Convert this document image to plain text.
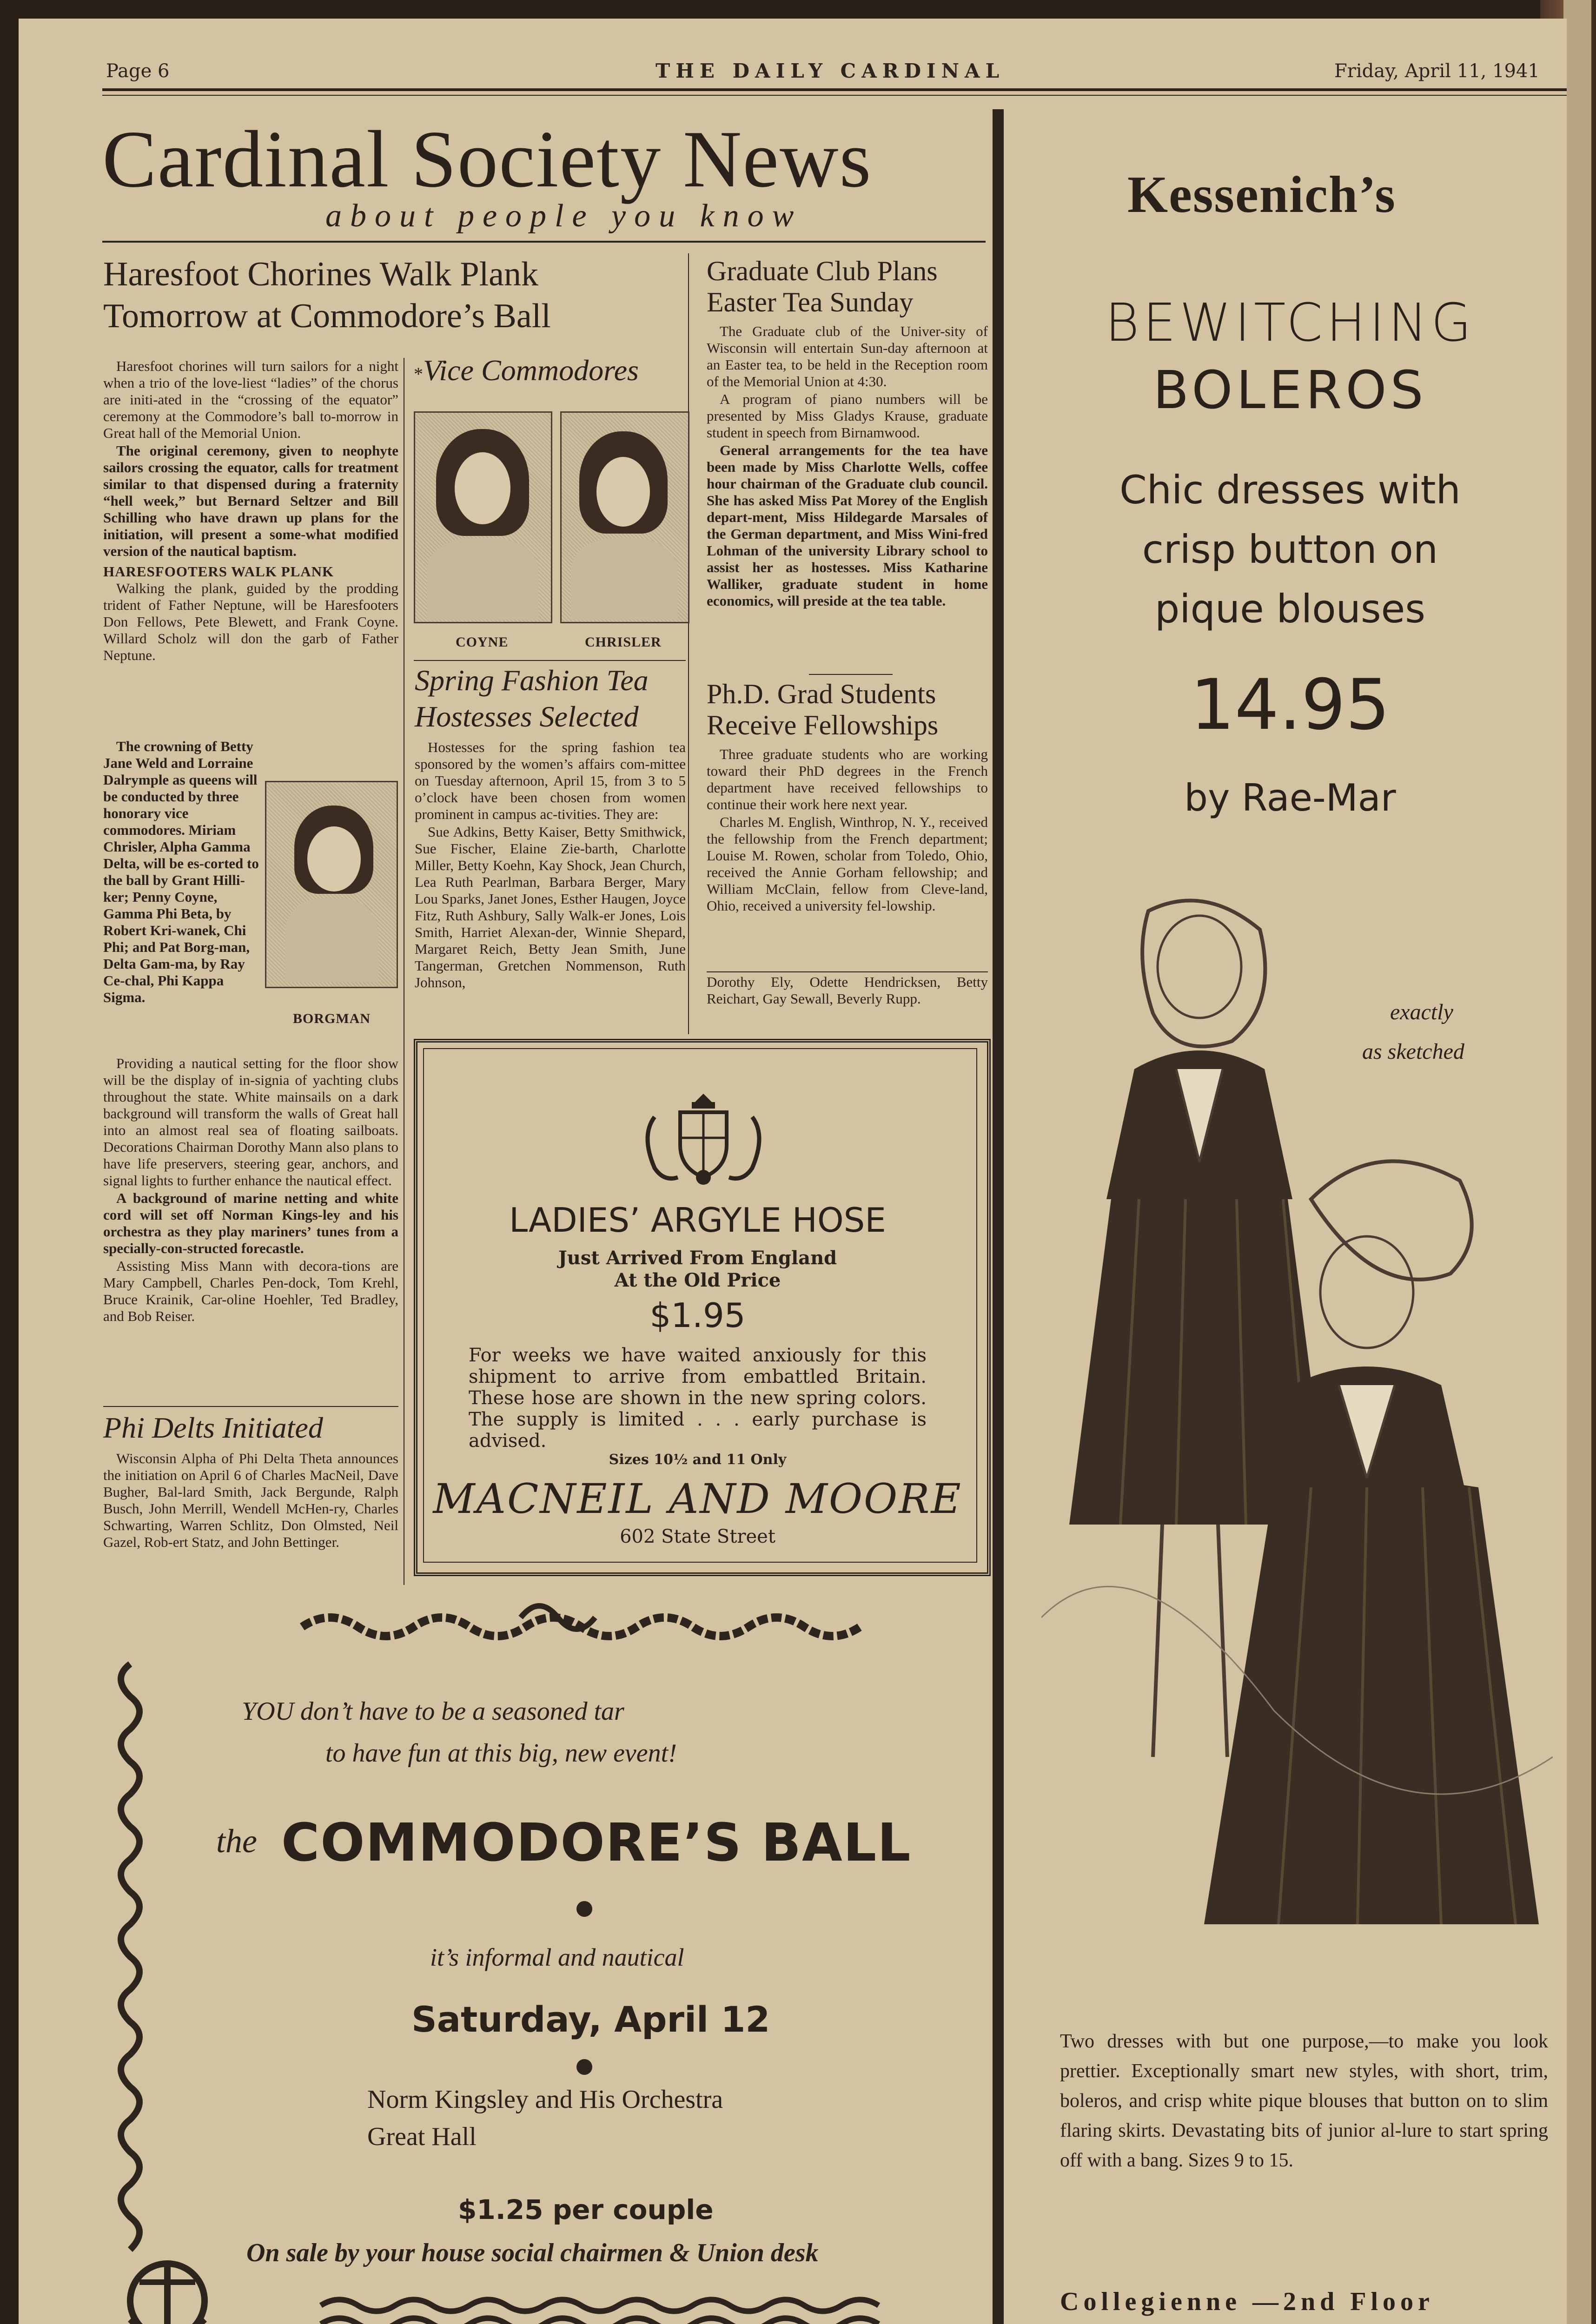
Page 6	THE DAILY CARDINAL	Friday, April 11, 1941
Cardinal Society News
about people you know
Haresfoot Chorines Walk Plank
Tomorrow at Commodore’s Ball

Haresfoot chorines will turn sailors for a night when a trio of the love-liest “ladies” of the chorus are initi-ated in the “crossing of the equator” ceremony at the Commodore’s ball to-morrow in Great hall of the Memorial Union.

The original ceremony, given to neophyte sailors crossing the equator, calls for treatment similar to that dispensed during a fraternity “hell week,” but Bernard Seltzer and Bill Schilling who have drawn up plans for the initiation, will present a some-what modified version of the nautical baptism.

HARESFOOTERS WALK PLANK

Walking the plank, guided by the prodding trident of Father Neptune, will be Haresfooters Don Fellows, Pete Blewett, and Frank Coyne. Willard Scholz will don the garb of Father Neptune.

The crowning of Betty Jane Weld and Lorraine Dalrymple as queens will be conducted by three honorary vice commodores. Miriam Chrisler, Alpha Gamma Delta, will be es-corted to the ball by Grant Hilli-ker; Penny Coyne, Gamma Phi Beta, by Robert Kri-wanek, Chi Phi; and Pat Borg-man, Delta Gam-ma, by Ray Ce-chal, Phi Kappa Sigma.

BORGMAN

Providing a nautical setting for the floor show will be the display of in-signia of yachting clubs throughout the state. White mainsails on a dark background will transform the walls of Great hall into an almost real sea of floating sailboats. Decorations Chairman Dorothy Mann also plans to have life preservers, steering gear, anchors, and signal lights to further enhance the nautical effect.

A background of marine netting and white cord will set off Norman Kings-ley and his orchestra as they play mariners’ tunes from a specially-con-structed forecastle.

Assisting Miss Mann with decora-tions are Mary Campbell, Charles Pen-dock, Tom Krehl, Bruce Krainik, Car-oline Hoehler, Ted Bradley, and Bob Reiser.

Phi Delts Initiated

Wisconsin Alpha of Phi Delta Theta announces the initiation on April 6 of Charles MacNeil, Dave Bugher, Bal-lard Smith, Jack Bergunde, Ralph Busch, John Merrill, Wendell McHen-ry, Charles Schwarting, Warren Schlitz, Don Olmsted, Neil Gazel, Rob-ert Statz, and John Bettinger.

*Vice Commodores
COYNE	CHRISLER
Spring Fashion Tea
Hostesses Selected

Hostesses for the spring fashion tea sponsored by the women’s affairs com-mittee on Tuesday afternoon, April 15, from 3 to 5 o’clock have been chosen from women prominent in campus ac-tivities. They are:

Sue Adkins, Betty Kaiser, Betty Smithwick, Sue Fischer, Elaine Zie-barth, Charlotte Miller, Betty Koehn, Kay Shock, Jean Church, Lea Ruth Pearlman, Barbara Berger, Mary Lou Sparks, Janet Jones, Esther Haugen, Joyce Fitz, Ruth Ashbury, Sally Walk-er Jones, Lois Smith, Harriet Alexan-der, Winnie Shepard, Margaret Reich, Betty Jean Smith, June Tangerman, Gretchen Nommenson, Ruth Johnson,

Graduate Club Plans
Easter Tea Sunday

The Graduate club of the Univer-sity of Wisconsin will entertain Sun-day afternoon at an Easter tea, to be held in the Reception room of the Memorial Union at 4:30.

A program of piano numbers will be presented by Miss Gladys Krause, graduate student in speech from Birnamwood.

General arrangements for the tea have been made by Miss Charlotte Wells, coffee hour chairman of the Graduate club council. She has asked Miss Pat Morey of the English depart-ment, Miss Hildegarde Marsales of the German department, and Miss Wini-fred Lohman of the university Library school to assist her as hostesses. Miss Katharine Walliker, graduate student in home economics, will preside at the tea table.

Ph.D. Grad Students
Receive Fellowships

Three graduate students who are working toward their PhD degrees in the French department have received fellowships to continue their work here next year.

Charles M. English, Winthrop, N. Y., received the fellowship from the French department; Louise M. Rowen, scholar from Toledo, Ohio, received the Annie Gorham fellowship; and William McClain, fellow from Cleve-land, Ohio, received a university fel-lowship.

Dorothy Ely, Odette Hendricksen, Betty Reichart, Gay Sewall, Beverly Rupp.

LADIES’ ARGYLE HOSE
Just Arrived From England
At the Old Price
$1.95
For weeks we have waited anxiously for this shipment to arrive from embattled Britain. These hose are shown in the new spring colors. The supply is limited . . . early purchase is advised.
Sizes 10½ and 11 Only
MACNEIL AND MOORE
602 State Street
YOU don’t have to be a seasoned tar
to have fun at this big, new event!
the COMMODORE’S BALL
it’s informal and nautical
Saturday, April 12
Norm Kingsley and His Orchestra
Great Hall
$1.25 per couple
On sale by your house social chairmen & Union desk
Kessenich’s
BEWITCHING
BOLEROS
Chic dresses with
crisp button on
pique blouses
14.95
by Rae-Mar
exactly
as sketched
Two dresses with but one purpose,—to make you look prettier. Exceptionally smart new styles, with short, trim, boleros, and crisp white pique blouses that button on to slim flaring skirts. Devastating bits of junior al-lure to start spring off with a bang. Sizes 9 to 15.
Collegienne —2nd Floor
